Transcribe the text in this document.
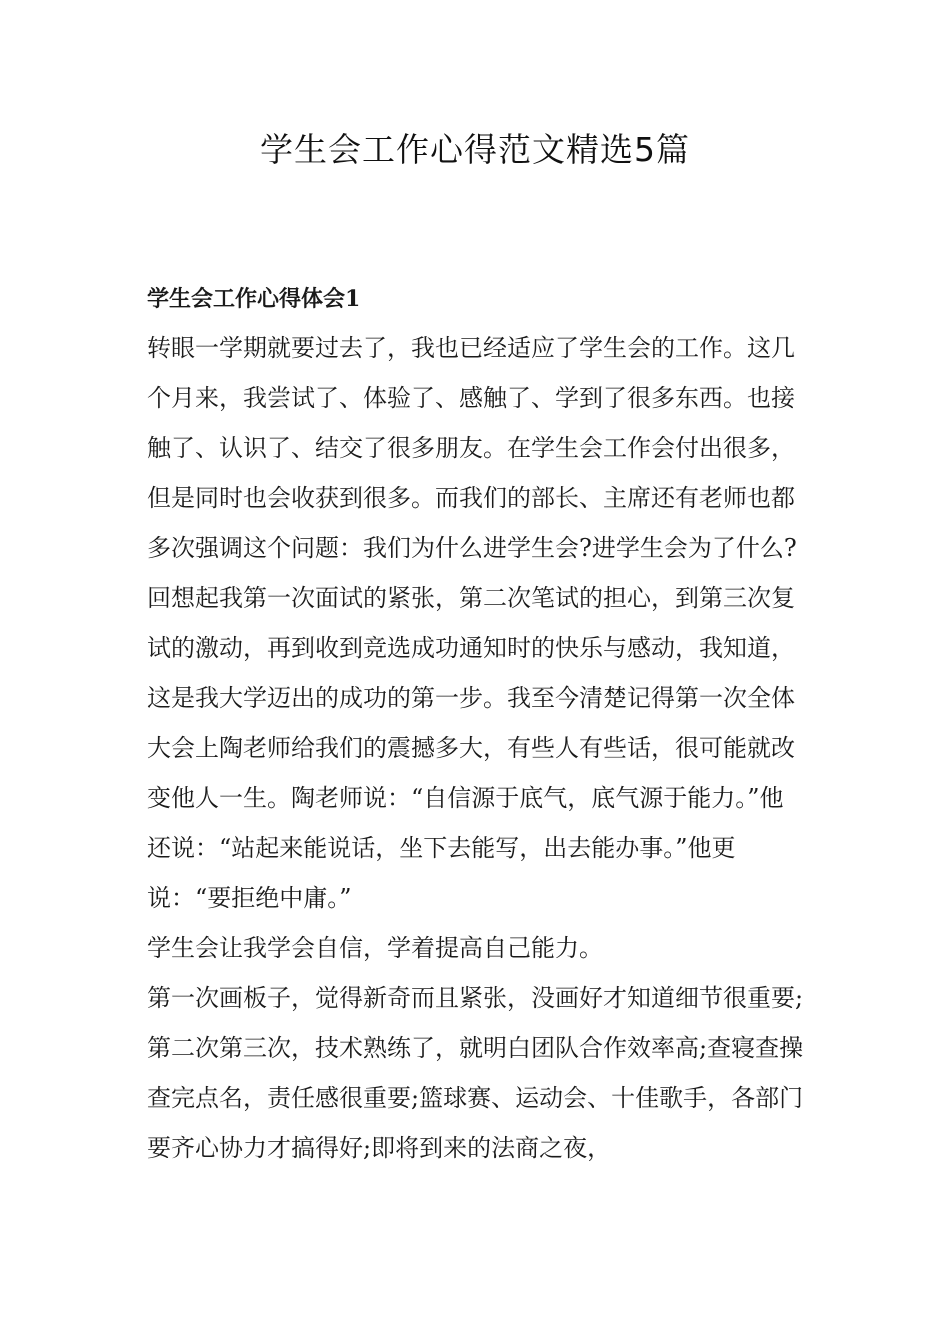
学生会工作心得范文精选5篇
学生会工作心得体会1

转眼一学期就要过去了，我也已经适应了学生会的工作。这几个月来，我尝试了、体验了、感触了、学到了很多东西。也接触了、认识了、结交了很多朋友。在学生会工作会付出很多，但是同时也会收获到很多。而我们的部长、主席还有老师也都多次强调这个问题：我们为什么进学生会?进学生会为了什么?

回想起我第一次面试的紧张，第二次笔试的担心，到第三次复试的激动，再到收到竞选成功通知时的快乐与感动，我知道，这是我大学迈出的成功的第一步。我至今清楚记得第一次全体大会上陶老师给我们的震撼多大，有些人有些话，很可能就改变他人一生。陶老师说：“自信源于底气，底气源于能力。”他还说：“站起来能说话，坐下去能写，出去能办事。”他更说：“要拒绝中庸。”

学生会让我学会自信，学着提高自己能力。

第一次画板子，觉得新奇而且紧张，没画好才知道细节很重要;第二次第三次，技术熟练了，就明白团队合作效率高;查寝查操查完点名，责任感很重要;篮球赛、运动会、十佳歌手，各部门要齐心协力才搞得好;即将到来的法商之夜，
